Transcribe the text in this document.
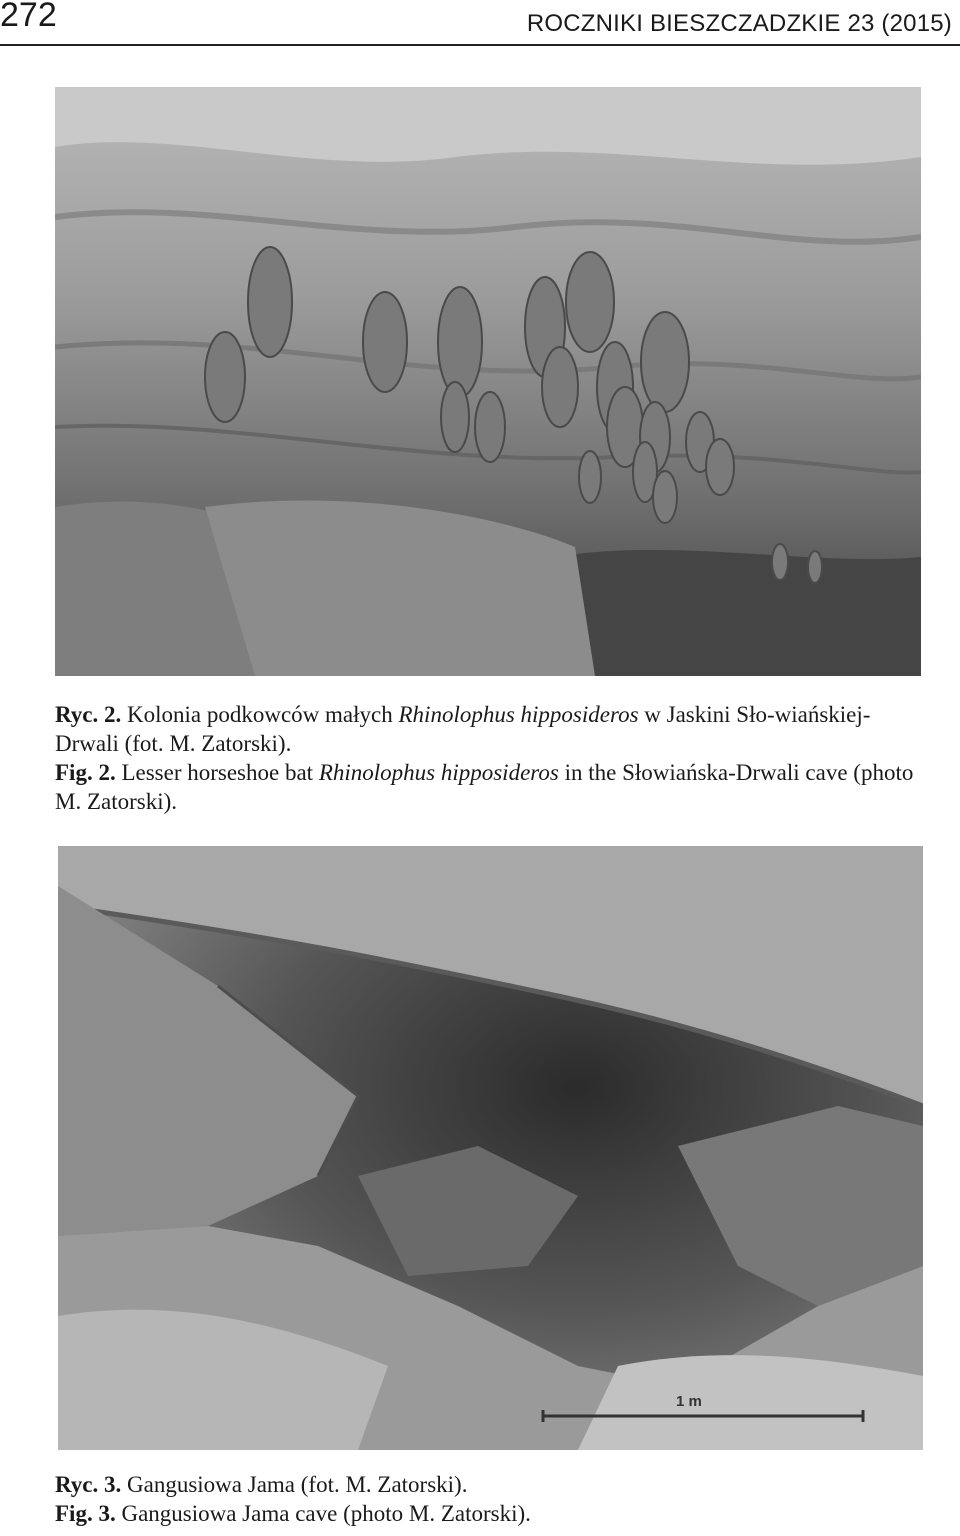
272	ROCZNIKI BIESZCZADZKIE 23 (2015)

Ryc. 2. Kolonia podkowców małych Rhinolophus hipposideros w Jaskini Sło-wiańskiej-Drwali (fot. M. Zatorski).

Fig. 2. Lesser horseshoe bat Rhinolophus hipposideros in the Słowiańska-Drwali cave (photo M. Zatorski).

1 m

Ryc. 3. Gangusiowa Jama (fot. M. Zatorski).

Fig. 3. Gangusiowa Jama cave (photo M. Zatorski).
